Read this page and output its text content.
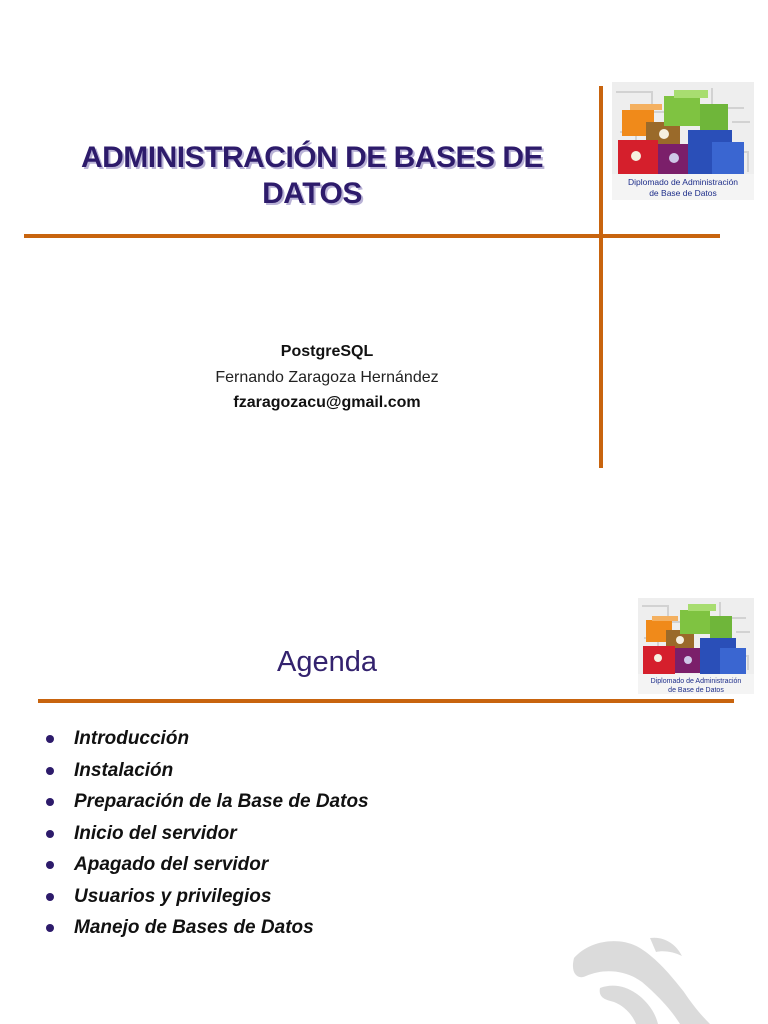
ADMINISTRACIÓN DE BASES DE
DATOS	Diplomado de Administración
de Base de Datos
PostgreSQL
Fernando Zaragoza Hernández
fzaragozacu@gmail.com
Diplomado de Administración
de Base de Datos
Agenda
Introducción
Instalación
Preparación de la Base de Datos
Inicio del servidor
Apagado del servidor
Usuarios y privilegios
Manejo de Bases de Datos
